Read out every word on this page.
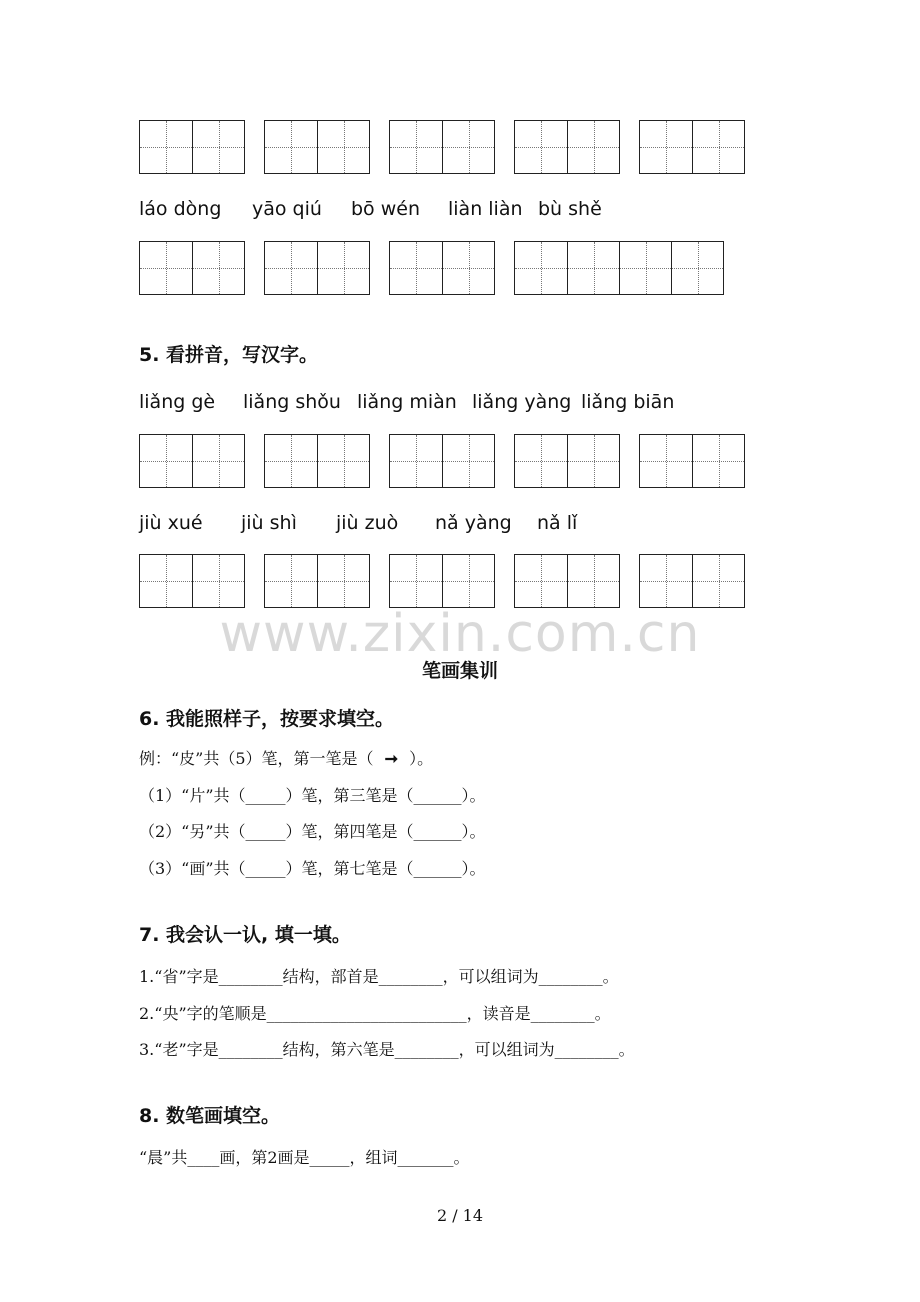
láo dòng yāo qiú bō wén liàn liàn bù shě
5. 看拼音，写汉字。
liǎng gè liǎng shǒu liǎng miàn liǎng yàng liǎng biān
jiù xué jiù shì jiù zuò nǎ yàng nǎ lǐ
www.zixin.com.cn
笔画集训
6. 我能照样子，按要求填空。
例：“皮”共（5）笔，第一笔是（ ➞ ）。
（1）“片”共（_____）笔，第三笔是（______）。
（2）“另”共（_____）笔，第四笔是（______）。
（3）“画”共（_____）笔，第七笔是（______）。
7. 我会认一认, 填一填。
1.“省”字是________结构，部首是________，可以组词为________。
2.“央”字的笔顺是_________________________，读音是________。
3.“老”字是________结构，第六笔是________，可以组词为________。
8. 数笔画填空。
“晨”共____画，第2画是_____，组词_______。
2 / 14
